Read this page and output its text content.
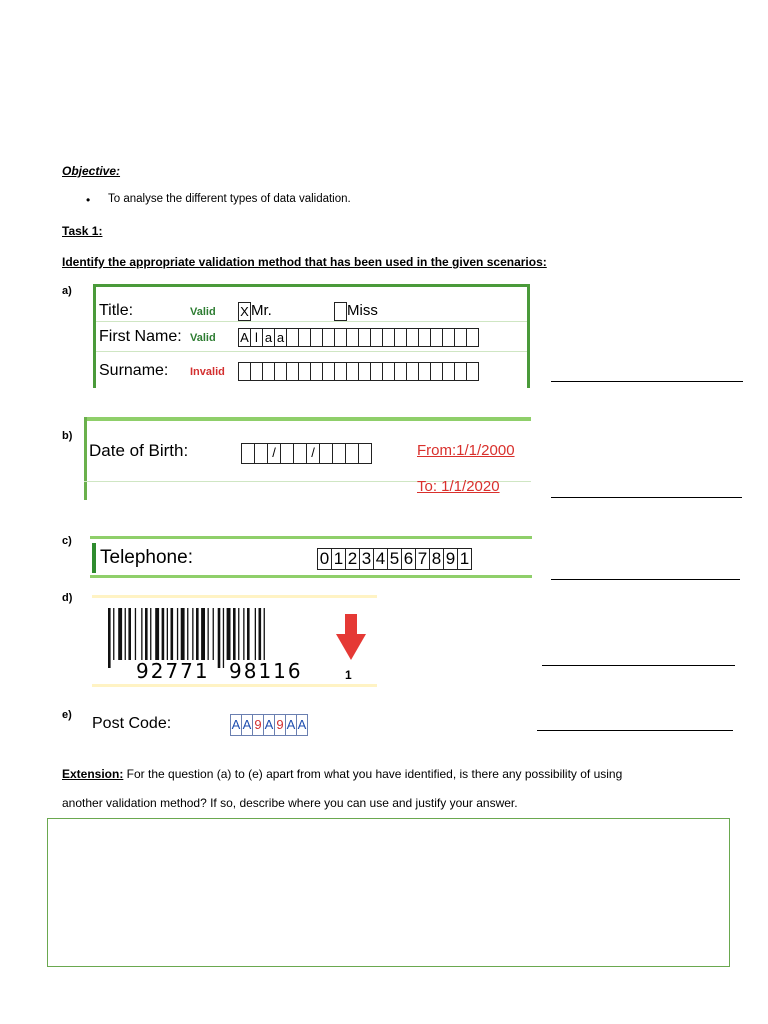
Objective:
• To analyse the different types of data validation.
Task 1:
Identify the appropriate validation method that has been used in the given scenarios:
a)
Title:	Valid X Mr.	Miss
First Name: Valid A l a a
Surname: Invalid
b)
Date of Birth:	/	/	From:1/1/2000
To: 1/1/2020
c)
Telephone:	0 1 2 3 4 5 6 7 8 9 1
d)
92771 98116	1
e) Post Code:	A A 9 A 9 A A
Extension: For the question (a) to (e) apart from what you have identified, is there any possibility of using
another validation method? If so, describe where you can use and justify your answer.
